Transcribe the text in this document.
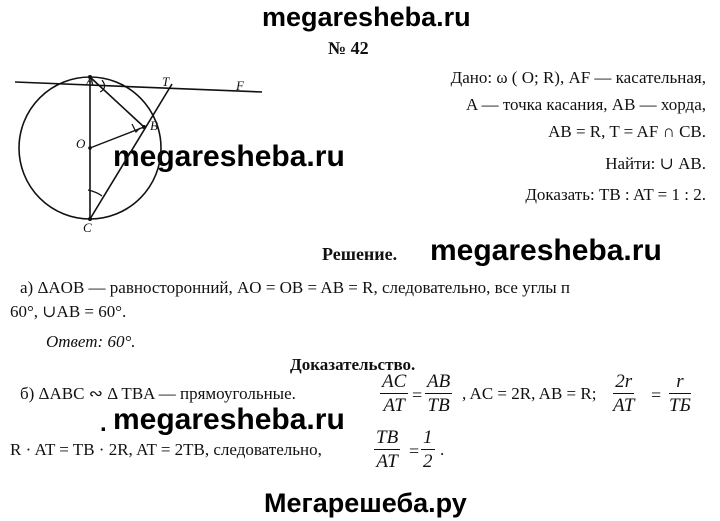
megaresheba.ru
megaresheba.ru
megaresheba.ru
megaresheba.ru
Мегарешеба.ру
.
№ 42
A	T	F
O
B
C
Дано: ω ( O; R), AF — касательная,
A — точка касания, AB — хорда,
AB = R, T = AF ∩ CB.
Найти: ∪ AB.
Доказать: TB : AT = 1 : 2.
Решение.
а) ΔAOB — равносторонний, AO = OB = AB = R, следовательно, все углы п
60°, ∪AB = 60°.
Ответ: 60°.
Доказательство.
б) ΔABC ∾ Δ TBA — прямоугольные.	$\frac{AC}{AT} = \frac{AB}{TB}$ , AC = 2R, AB = R; $\frac{2r}{AT}$ =
r
TБ
R · AT = TB · 2R, AT = 2TB, следовательно,	$\frac{TB}{AT} = \frac{1}{2}$ .
